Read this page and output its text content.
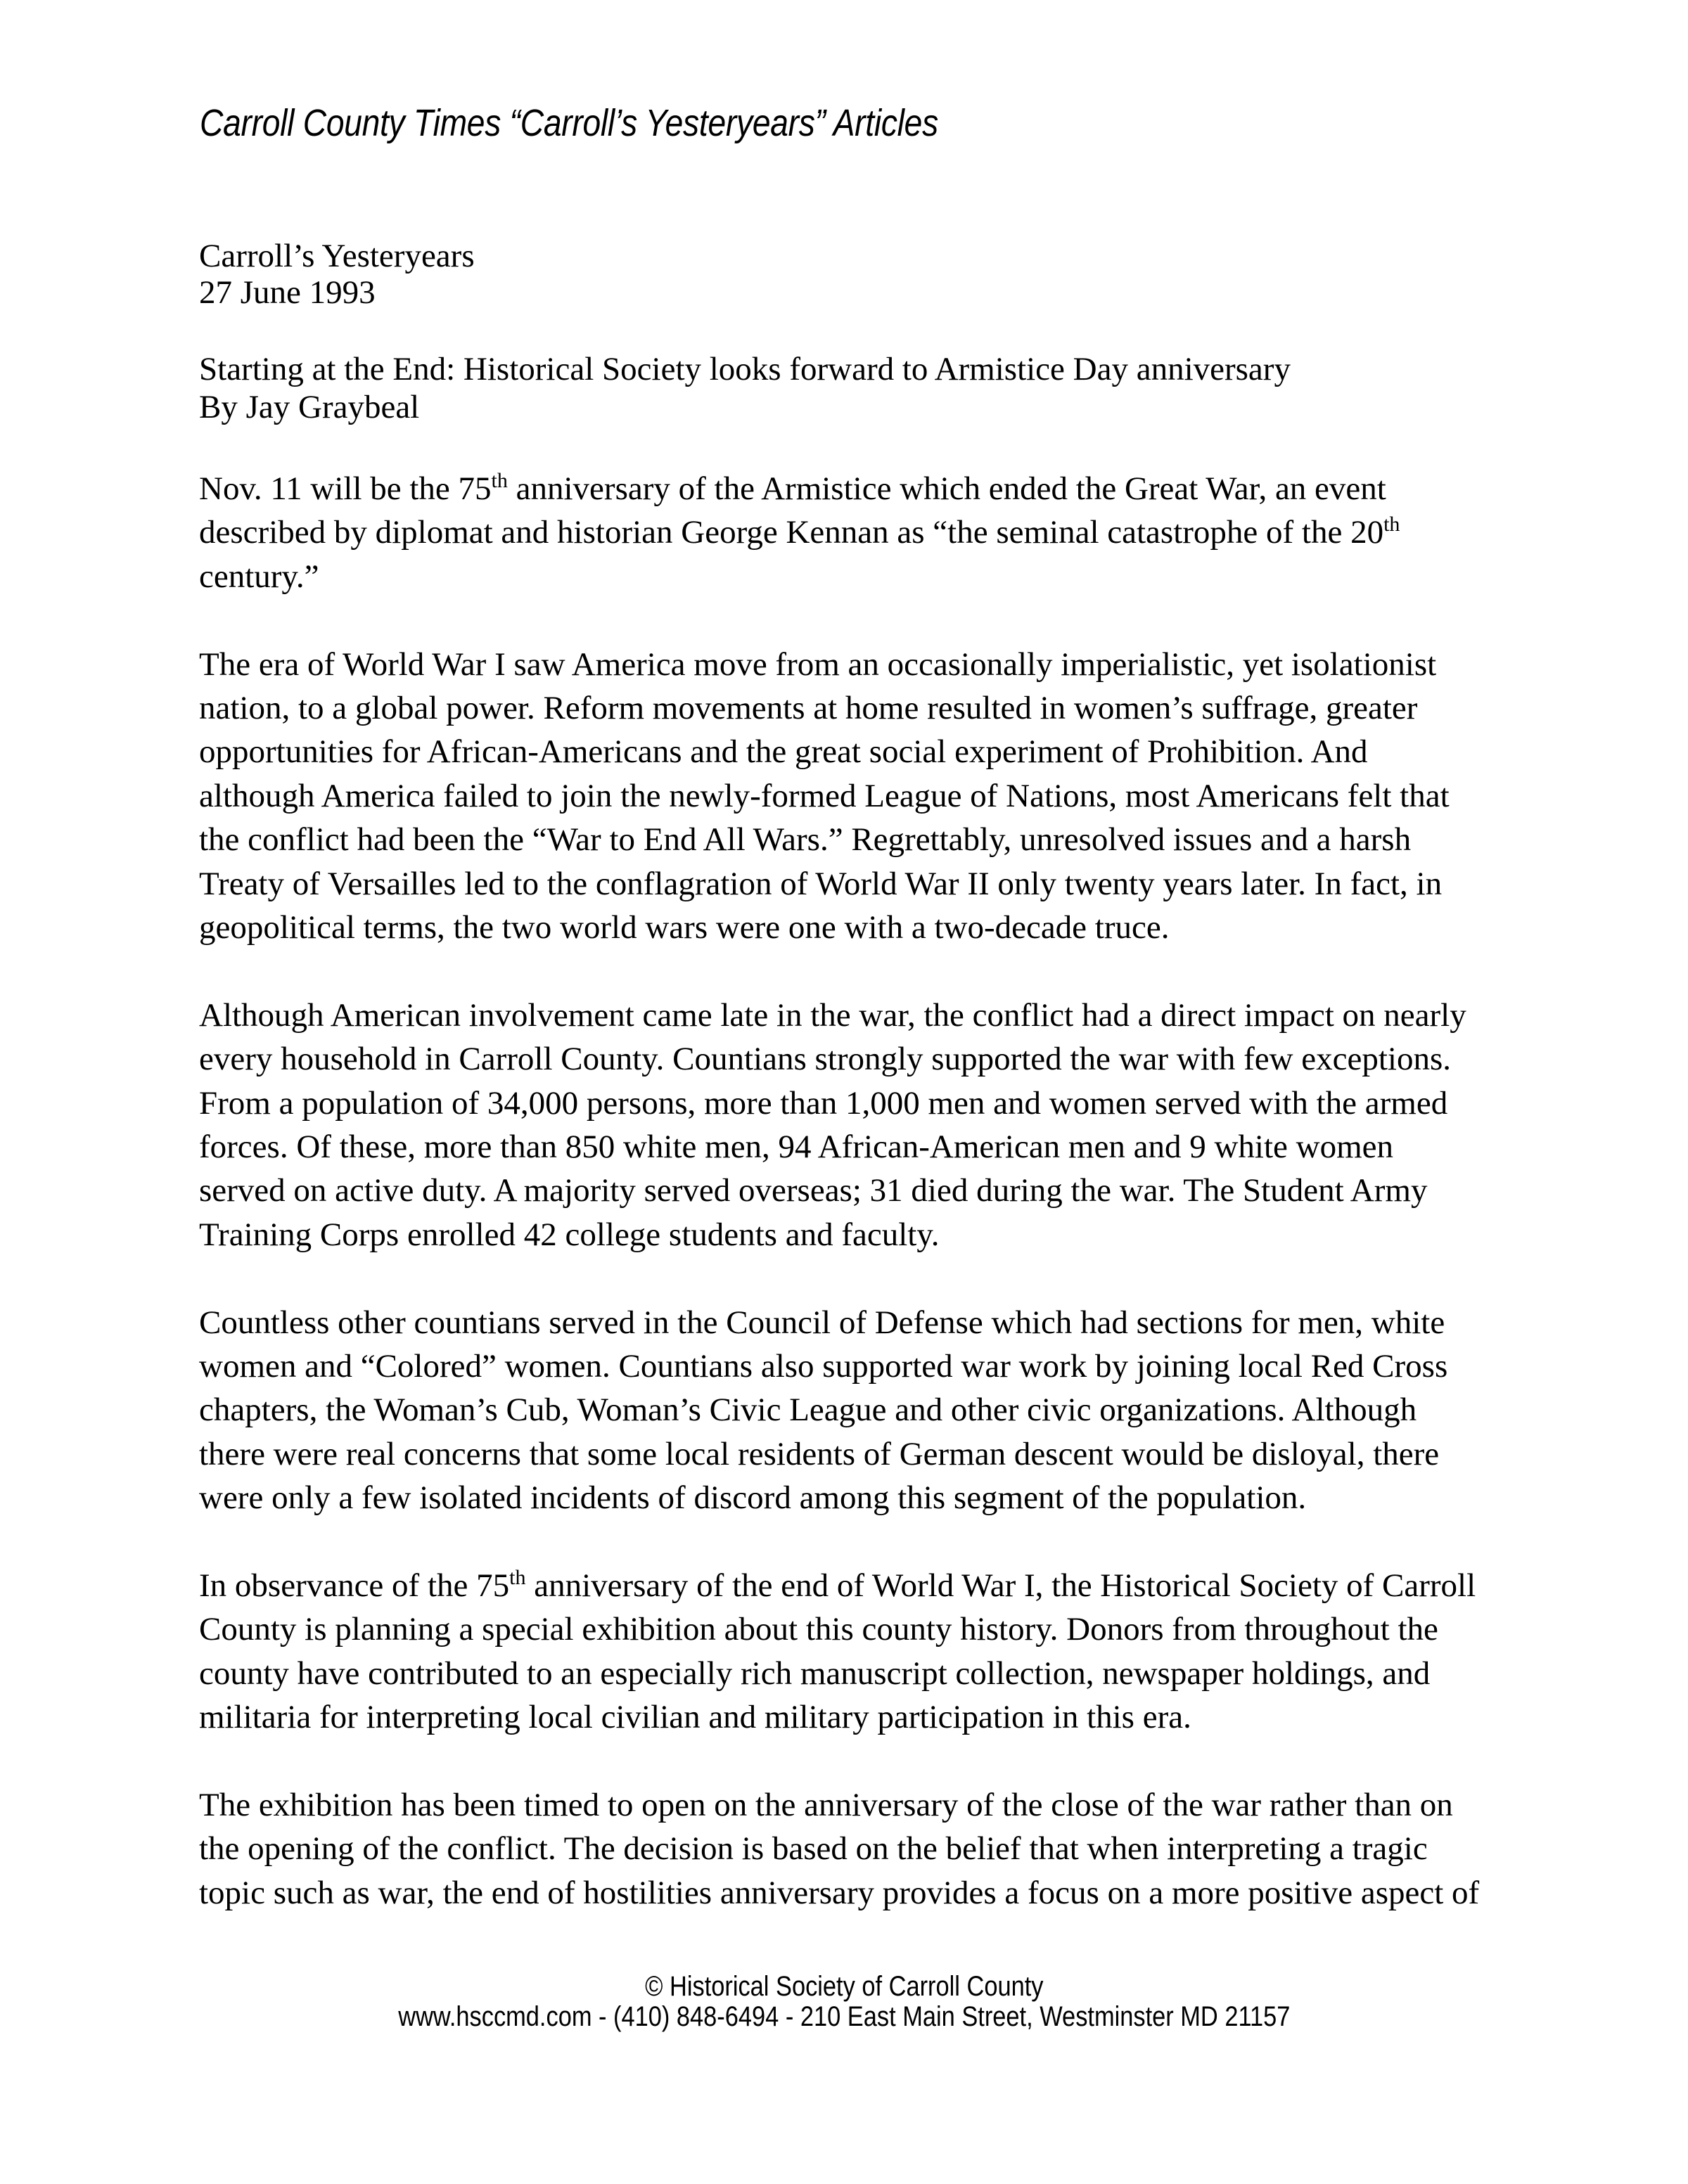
Carroll County Times “Carroll’s Yesteryears” Articles
Carroll’s Yesteryears
27 June 1993
Starting at the End: Historical Society looks forward to Armistice Day anniversary
By Jay Graybeal
Nov. 11 will be the 75th anniversary of the Armistice which ended the Great War, an event
described by diplomat and historian George Kennan as “the seminal catastrophe of the 20th
century.”
The era of World War I saw America move from an occasionally imperialistic, yet isolationist
nation, to a global power. Reform movements at home resulted in women’s suffrage, greater
opportunities for African-Americans and the great social experiment of Prohibition. And
although America failed to join the newly-formed League of Nations, most Americans felt that
the conflict had been the “War to End All Wars.” Regrettably, unresolved issues and a harsh
Treaty of Versailles led to the conflagration of World War II only twenty years later. In fact, in
geopolitical terms, the two world wars were one with a two-decade truce.
Although American involvement came late in the war, the conflict had a direct impact on nearly
every household in Carroll County. Countians strongly supported the war with few exceptions.
From a population of 34,000 persons, more than 1,000 men and women served with the armed
forces. Of these, more than 850 white men, 94 African-American men and 9 white women
served on active duty. A majority served overseas; 31 died during the war. The Student Army
Training Corps enrolled 42 college students and faculty.
Countless other countians served in the Council of Defense which had sections for men, white
women and “Colored” women. Countians also supported war work by joining local Red Cross
chapters, the Woman’s Cub, Woman’s Civic League and other civic organizations. Although
there were real concerns that some local residents of German descent would be disloyal, there
were only a few isolated incidents of discord among this segment of the population.
In observance of the 75th anniversary of the end of World War I, the Historical Society of Carroll
County is planning a special exhibition about this county history. Donors from throughout the
county have contributed to an especially rich manuscript collection, newspaper holdings, and
militaria for interpreting local civilian and military participation in this era.
The exhibition has been timed to open on the anniversary of the close of the war rather than on
the opening of the conflict. The decision is based on the belief that when interpreting a tragic
topic such as war, the end of hostilities anniversary provides a focus on a more positive aspect of
© Historical Society of Carroll County
www.hsccmd.com - (410) 848-6494 - 210 East Main Street, Westminster MD 21157
